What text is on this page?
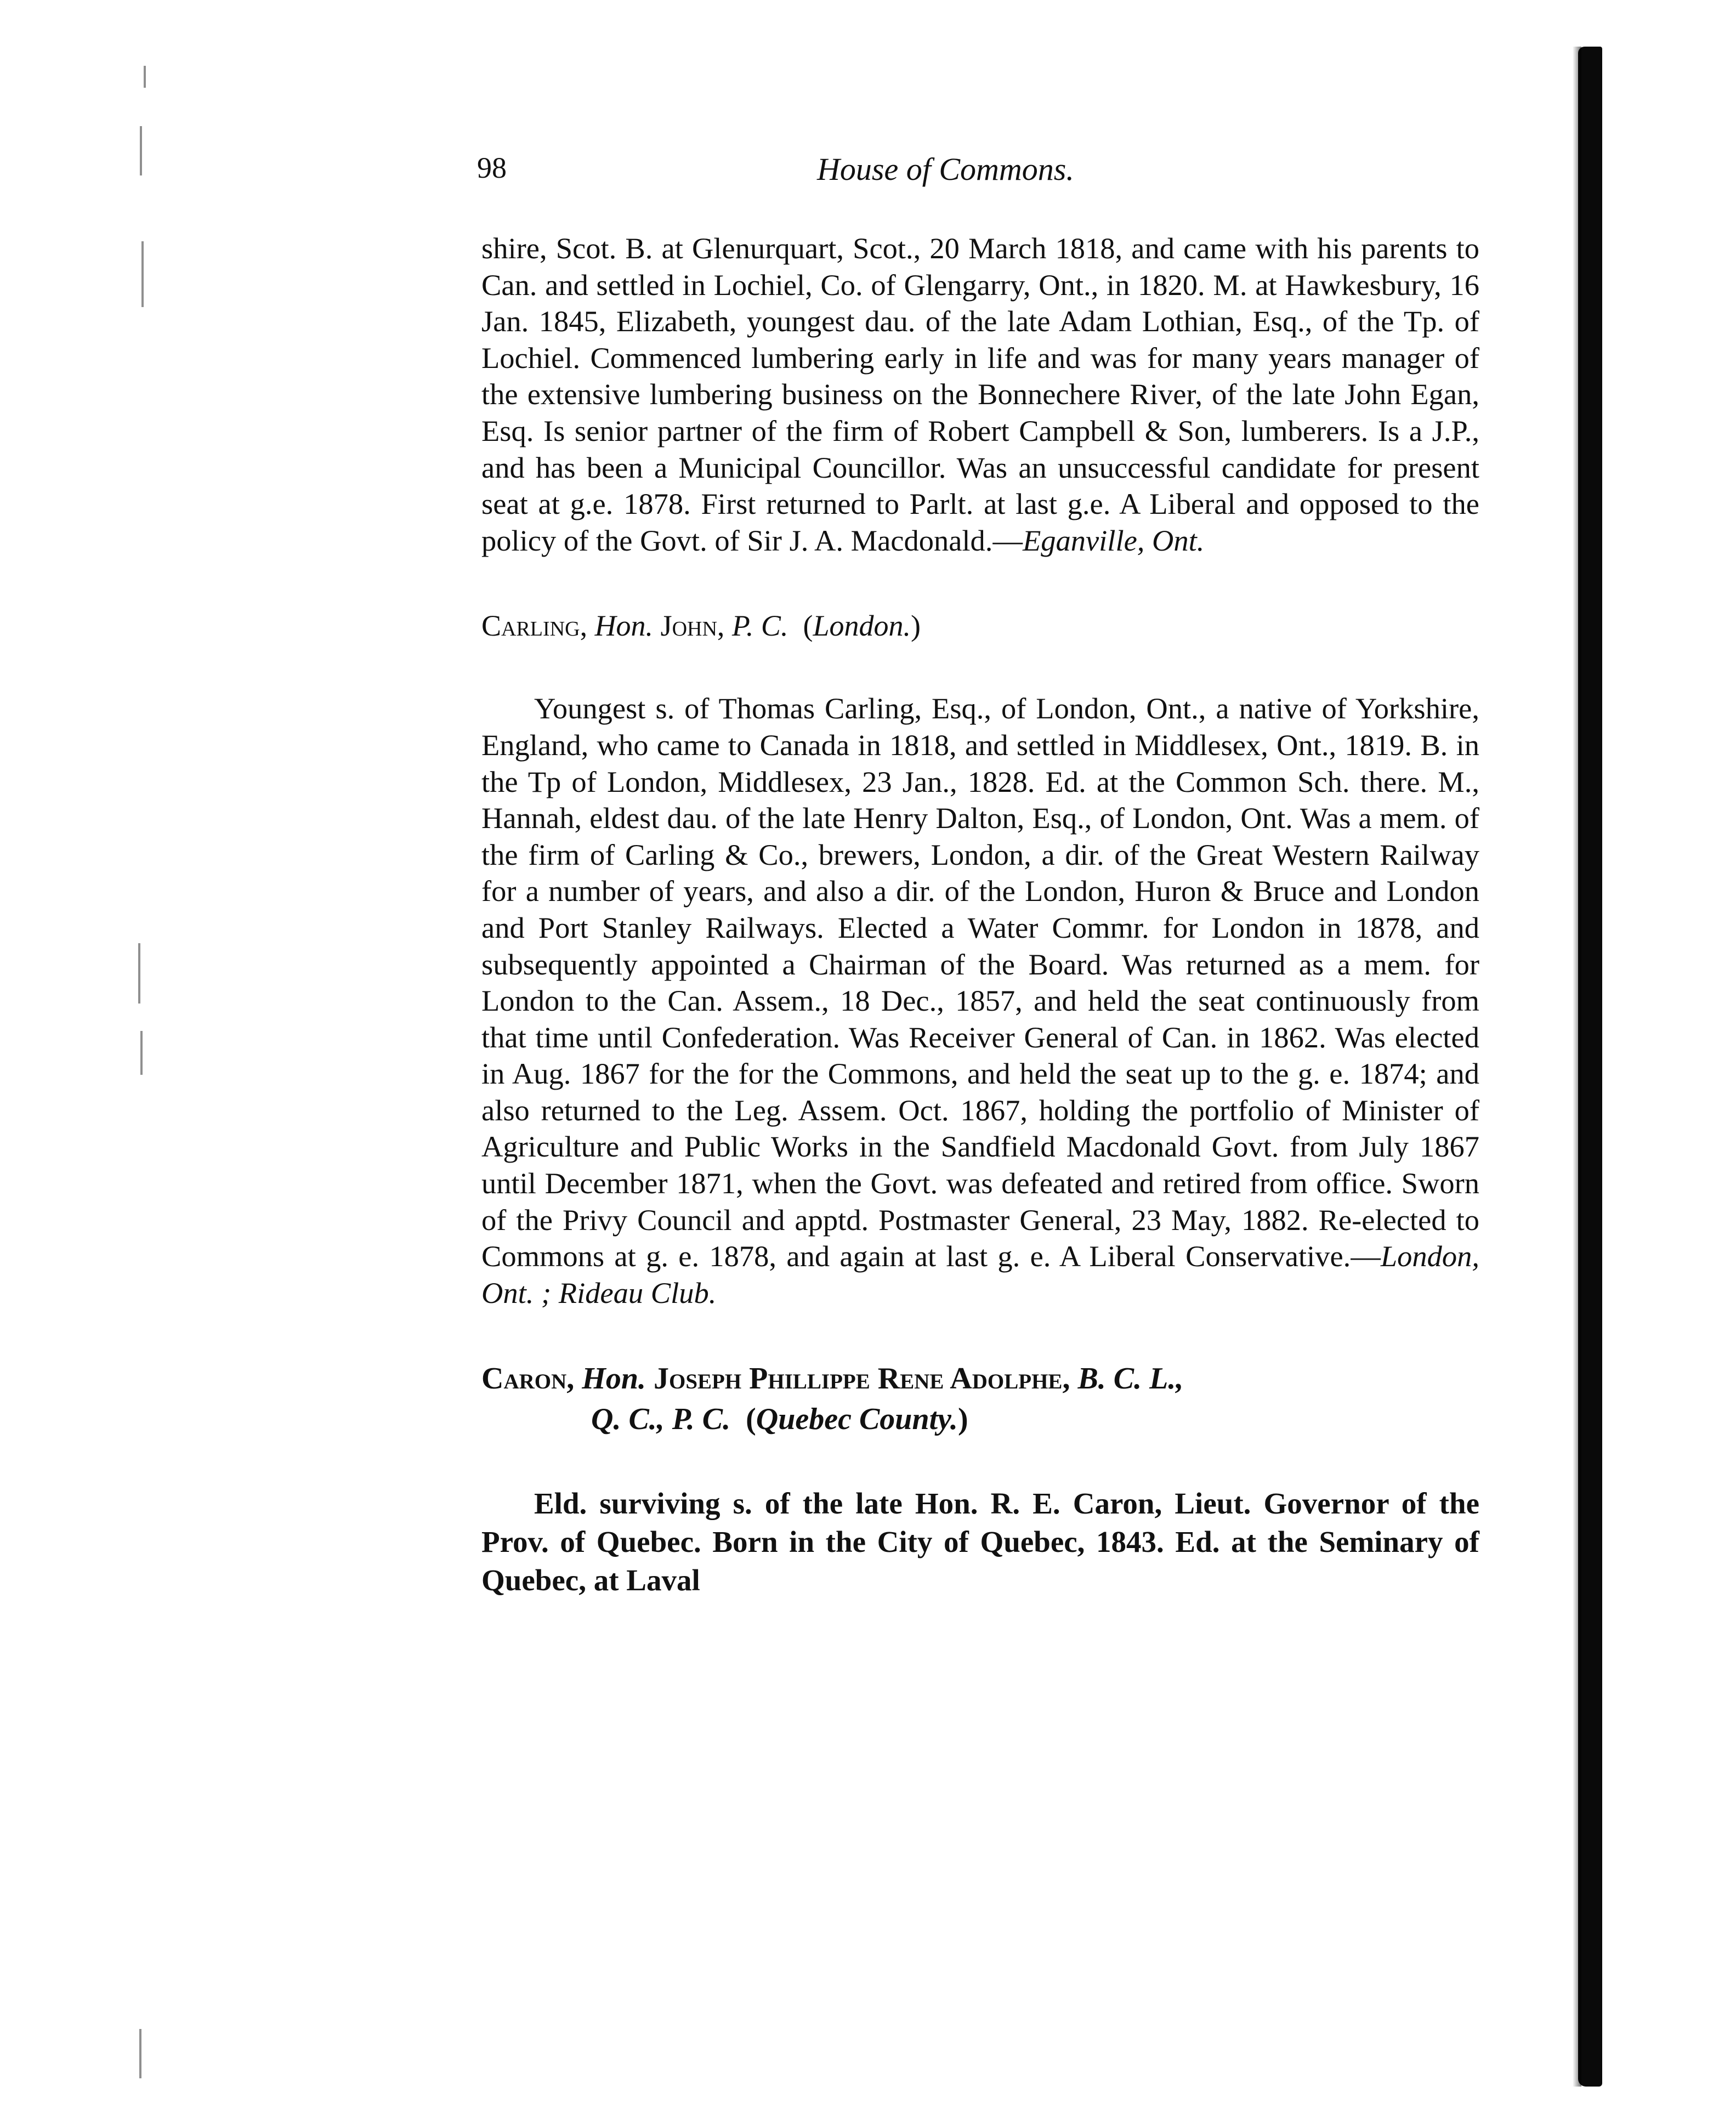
98	House of Commons.

shire, Scot. B. at Glenurquart, Scot., 20 March 1818, and came with his parents to Can. and settled in Lochiel, Co. of Glengarry, Ont., in 1820. M. at Hawkesbury, 16 Jan. 1845, Elizabeth, youngest dau. of the late Adam Lothian, Esq., of the Tp. of Lochiel. Commenced lumbering early in life and was for many years manager of the extensive lumbering business on the Bonnechere River, of the late John Egan, Esq. Is senior partner of the firm of Robert Campbell & Son, lumberers. Is a J.P., and has been a Municipal Councillor. Was an unsuccessful candidate for present seat at g.e. 1878. First returned to Parlt. at last g.e. A Liberal and opposed to the policy of the Govt. of Sir J. A. Macdonald.—Eganville, Ont.

Carling, Hon. John, P. C.  (London.)

Youngest s. of Thomas Carling, Esq., of London, Ont., a native of Yorkshire, England, who came to Canada in 1818, and settled in Middlesex, Ont., 1819. B. in the Tp of London, Middlesex, 23 Jan., 1828. Ed. at the Common Sch. there. M., Hannah, eldest dau. of the late Henry Dalton, Esq., of London, Ont. Was a mem. of the firm of Carling & Co., brewers, London, a dir. of the Great Western Railway for a number of years, and also a dir. of the London, Huron & Bruce and London and Port Stanley Railways. Elected a Water Commr. for London in 1878, and subsequently appointed a Chairman of the Board. Was returned as a mem. for London to the Can. Assem., 18 Dec., 1857, and held the seat continuously from that time until Confederation. Was Receiver General of Can. in 1862. Was elected in Aug. 1867 for the for the Commons, and held the seat up to the g. e. 1874; and also returned to the Leg. Assem. Oct. 1867, holding the portfolio of Minister of Agriculture and Public Works in the Sandfield Macdonald Govt. from July 1867 until December 1871, when the Govt. was defeated and retired from office. Sworn of the Privy Council and apptd. Postmaster General, 23 May, 1882. Re-elected to Commons at g. e. 1878, and again at last g. e. A Liberal Conservative.—London, Ont. ; Rideau Club.

Caron, Hon. Joseph Phillippe Rene Adolphe, B. C. L.,
Q. C., P. C.  (Quebec County.)

Eld. surviving s. of the late Hon. R. E. Caron, Lieut. Governor of the Prov. of Quebec. Born in the City of Quebec, 1843. Ed. at the Seminary of Quebec, at Laval
